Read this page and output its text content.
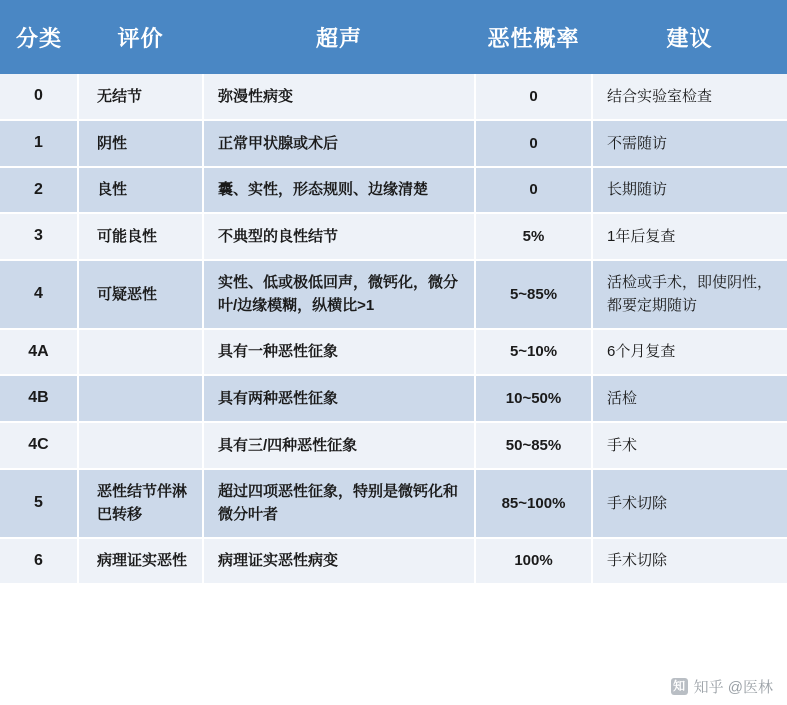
分类	评价	超声	恶性概率	建议
0	无结节	弥漫性病变	0	结合实验室检查
1	阴性	正常甲状腺或术后	0	不需随访
2	良性	囊、实性，形态规则、边缘清楚	0	长期随访
3	可能良性	不典型的良性结节	5%	1年后复查
4	可疑恶性	实性、低或极低回声，微钙化，微分叶/边缘模糊，纵横比>1	5~85%	活检或手术，即使阴性，都要定期随访
4A		具有一种恶性征象	5~10%	6个月复查
4B		具有两种恶性征象	10~50%	活检
4C		具有三/四种恶性征象	50~85%	手术
5	恶性结节伴淋巴转移	超过四项恶性征象，特别是微钙化和微分叶者	85~100%	手术切除
6	病理证实恶性	病理证实恶性病变	100%	手术切除
知 知乎 @医林
